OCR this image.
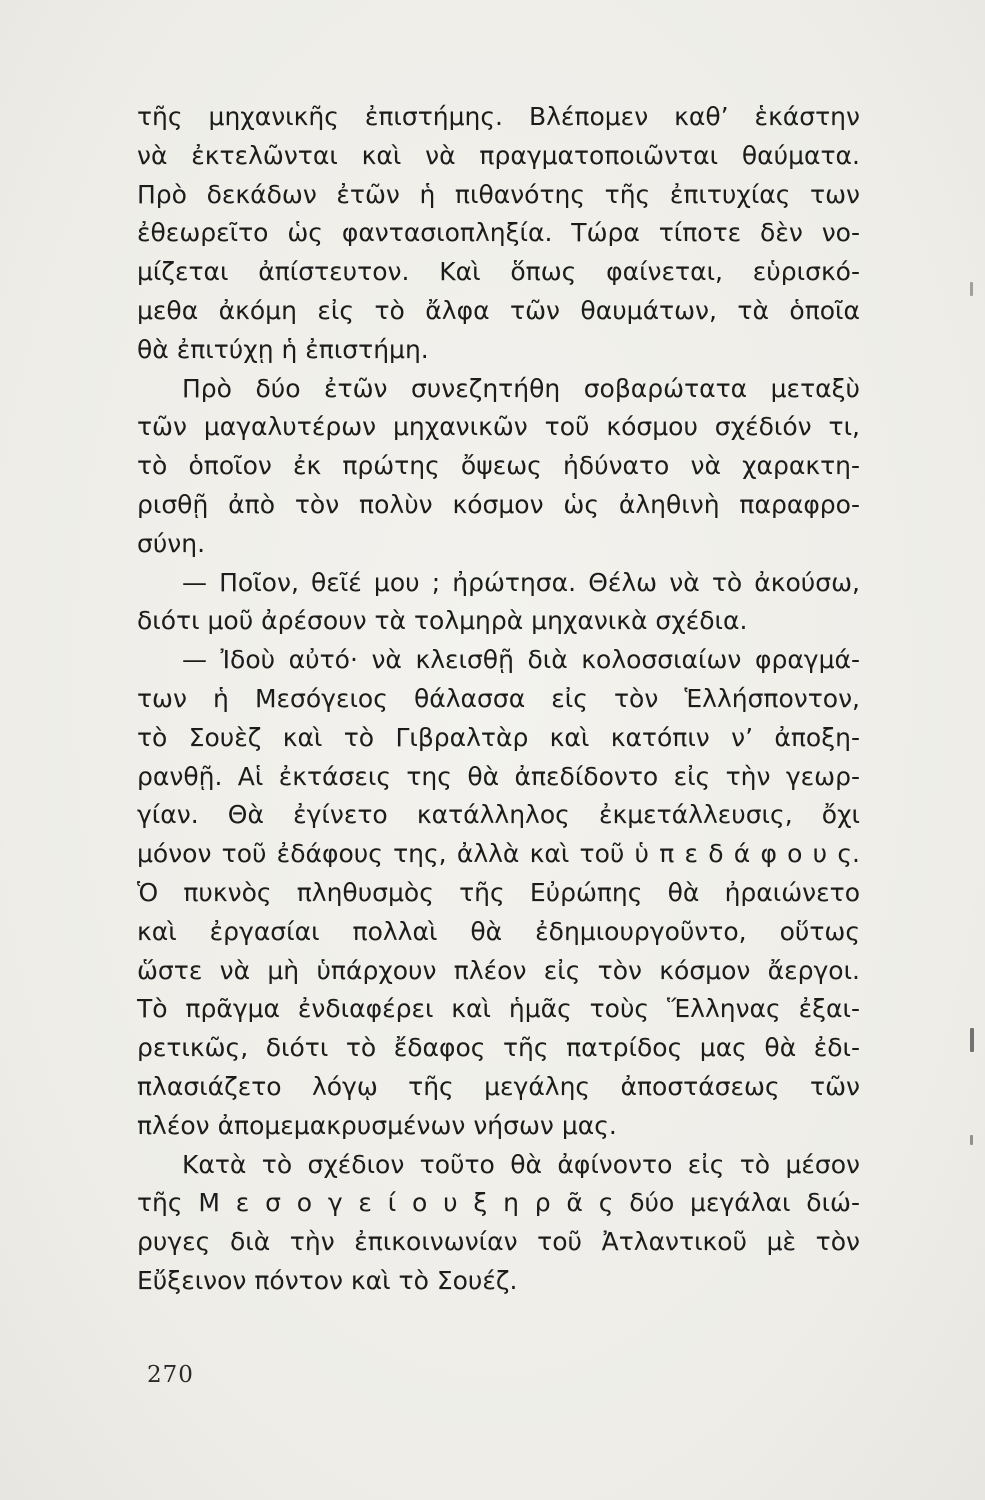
τῆς μηχανικῆς ἐπιστήμης. Βλέπομεν καθ’ ἑκάστην
νὰ ἐκτελῶνται καὶ νὰ πραγματοποιῶνται θαύματα.
Πρὸ δεκάδων ἐτῶν ἡ πιθανότης τῆς ἐπιτυχίας των
ἐθεωρεῖτο ὡς φαντασιοπληξία. Τώρα τίποτε δὲν νο-
μίζεται ἀπίστευτον. Καὶ ὅπως φαίνεται, εὑρισκό-
μεθα ἀκόμη εἰς τὸ ἄλφα τῶν θαυμάτων, τὰ ὁποῖα
θὰ ἐπιτύχῃ ἡ ἐπιστήμη.
Πρὸ δύο ἐτῶν συνεζητήθη σοβαρώτατα μεταξὺ
τῶν μαγαλυτέρων μηχανικῶν τοῦ κόσμου σχέδιόν τι,
τὸ ὁποῖον ἐκ πρώτης ὄψεως ἠδύνατο νὰ χαρακτη-
ρισθῇ ἀπὸ τὸν πολὺν κόσμον ὡς ἀληθινὴ παραφρο-
σύνη.
— Ποῖον, θεῖέ μου ; ἠρώτησα. Θέλω νὰ τὸ ἀκούσω,
διότι μοῦ ἀρέσουν τὰ τολμηρὰ μηχανικὰ σχέδια.
— Ἰδοὺ αὐτό· νὰ κλεισθῇ διὰ κολοσσιαίων φραγμά-
των ἡ Μεσόγειος θάλασσα εἰς τὸν Ἑλλήσποντον,
τὸ Σουὲζ καὶ τὸ Γιβραλτὰρ καὶ κατόπιν ν’ ἀποξη-
ρανθῇ. Αἱ ἐκτάσεις της θὰ ἀπεδίδοντο εἰς τὴν γεωρ-
γίαν. Θὰ ἐγίνετο κατάλληλος ἐκμετάλλευσις, ὄχι
μόνον τοῦ ἐδάφους της, ἀλλὰ καὶ τοῦ ὑ π ε δ ά φ ο υ ς.
Ὁ πυκνὸς πληθυσμὸς τῆς Εὐρώπης θὰ ἠραιώνετο
καὶ ἐργασίαι πολλαὶ θὰ ἐδημιουργοῦντο, οὕτως
ὥστε νὰ μὴ ὑπάρχουν πλέον εἰς τὸν κόσμον ἄεργοι.
Τὸ πρᾶγμα ἐνδιαφέρει καὶ ἡμᾶς τοὺς Ἕλληνας ἐξαι-
ρετικῶς, διότι τὸ ἔδαφος τῆς πατρίδος μας θὰ ἐδι-
πλασιάζετο λόγῳ τῆς μεγάλης ἀποστάσεως τῶν
πλέον ἀπομεμακρυσμένων νήσων μας.
Κατὰ τὸ σχέδιον τοῦτο θὰ ἀφίνοντο εἰς τὸ μέσον
τῆς Μ ε σ ο γ ε ί ο υ ξ η ρ ᾶ ς δύο μεγάλαι διώ-
ρυγες διὰ τὴν ἐπικοινωνίαν τοῦ Ἀτλαντικοῦ μὲ τὸν
Εὔξεινον πόντον καὶ τὸ Σουέζ.
270
